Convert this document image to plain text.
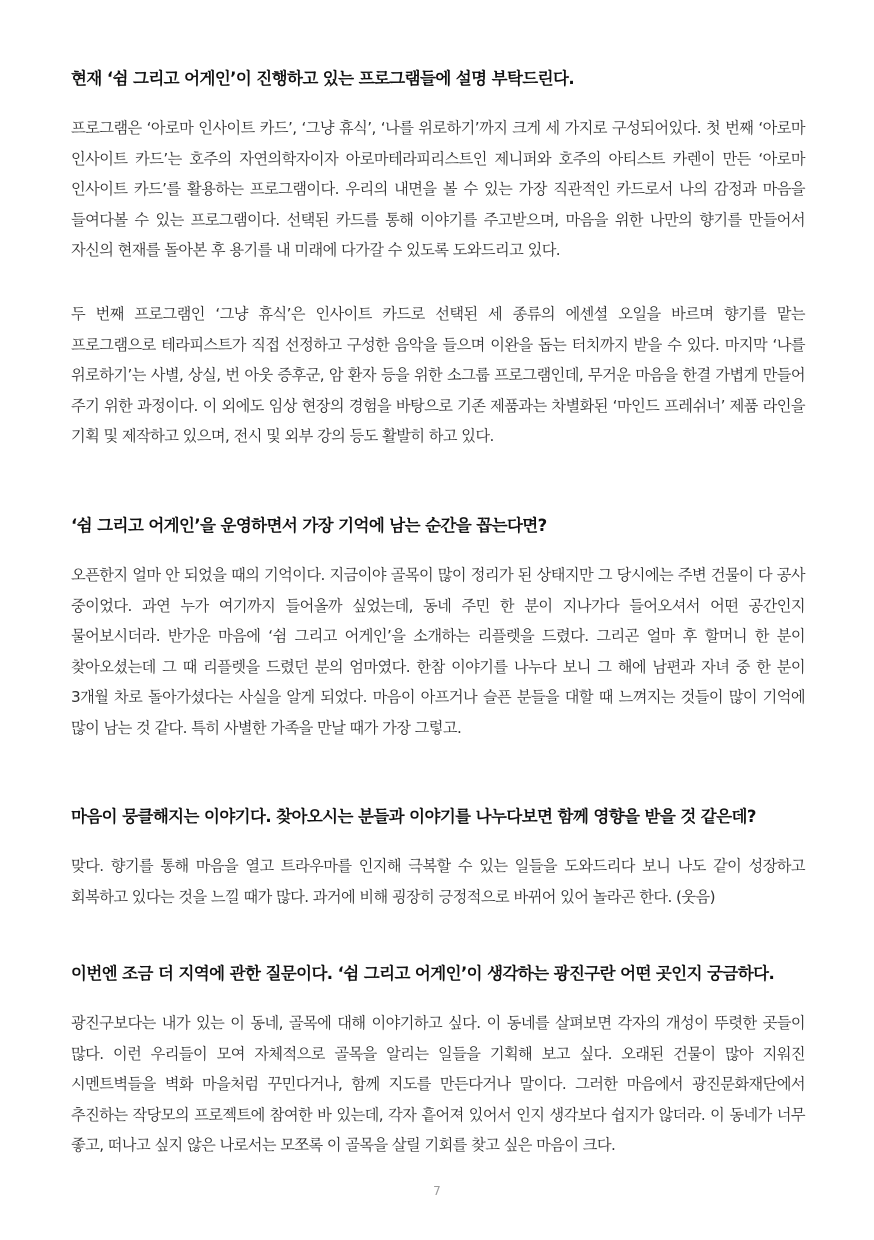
현재 ‘쉼 그리고 어게인’이 진행하고 있는 프로그램들에 설명 부탁드린다.

프로그램은 ‘아로마 인사이트 카드’, ‘그냥 휴식’, ‘나를 위로하기’까지 크게 세 가지로 구성되어있다. 첫 번째 ‘아로마 인사이트 카드’는 호주의 자연의학자이자 아로마테라피리스트인 제니퍼와 호주의 아티스트 카렌이 만든 ‘아로마 인사이트 카드’를 활용하는 프로그램이다. 우리의 내면을 볼 수 있는 가장 직관적인 카드로서 나의 감정과 마음을 들여다볼 수 있는 프로그램이다. 선택된 카드를 통해 이야기를 주고받으며, 마음을 위한 나만의 향기를 만들어서 자신의 현재를 돌아본 후 용기를 내 미래에 다가갈 수 있도록 도와드리고 있다.

두 번째 프로그램인 ‘그냥 휴식’은 인사이트 카드로 선택된 세 종류의 에센셜 오일을 바르며 향기를 맡는 프로그램으로 테라피스트가 직접 선정하고 구성한 음악을 들으며 이완을 돕는 터치까지 받을 수 있다. 마지막 ‘나를 위로하기’는 사별, 상실, 번 아웃 증후군, 암 환자 등을 위한 소그룹 프로그램인데, 무거운 마음을 한결 가볍게 만들어 주기 위한 과정이다. 이 외에도 임상 현장의 경험을 바탕으로 기존 제품과는 차별화된 ‘마인드 프레쉬너’ 제품 라인을 기획 및 제작하고 있으며, 전시 및 외부 강의 등도 활발히 하고 있다.

‘쉼 그리고 어게인’을 운영하면서 가장 기억에 남는 순간을 꼽는다면?

오픈한지 얼마 안 되었을 때의 기억이다. 지금이야 골목이 많이 정리가 된 상태지만 그 당시에는 주변 건물이 다 공사 중이었다. 과연 누가 여기까지 들어올까 싶었는데, 동네 주민 한 분이 지나가다 들어오셔서 어떤 공간인지 물어보시더라. 반가운 마음에 ‘쉼 그리고 어게인’을 소개하는 리플렛을 드렸다. 그리곤 얼마 후 할머니 한 분이 찾아오셨는데 그 때 리플렛을 드렸던 분의 엄마였다. 한참 이야기를 나누다 보니 그 해에 남편과 자녀 중 한 분이 3개월 차로 돌아가셨다는 사실을 알게 되었다. 마음이 아프거나 슬픈 분들을 대할 때 느껴지는 것들이 많이 기억에 많이 남는 것 같다. 특히 사별한 가족을 만날 때가 가장 그렇고.

마음이 뭉클해지는 이야기다. 찾아오시는 분들과 이야기를 나누다보면 함께 영향을 받을 것 같은데?

맞다. 향기를 통해 마음을 열고 트라우마를 인지해 극복할 수 있는 일들을 도와드리다 보니 나도 같이 성장하고 회복하고 있다는 것을 느낄 때가 많다. 과거에 비해 굉장히 긍정적으로 바뀌어 있어 놀라곤 한다. (웃음)

이번엔 조금 더 지역에 관한 질문이다. ‘쉼 그리고 어게인’이 생각하는 광진구란 어떤 곳인지 궁금하다.

광진구보다는 내가 있는 이 동네, 골목에 대해 이야기하고 싶다. 이 동네를 살펴보면 각자의 개성이 뚜렷한 곳들이 많다. 이런 우리들이 모여 자체적으로 골목을 알리는 일들을 기획해 보고 싶다. 오래된 건물이 많아 지워진 시멘트벽들을 벽화 마을처럼 꾸민다거나, 함께 지도를 만든다거나 말이다. 그러한 마음에서 광진문화재단에서 추진하는 작당모의 프로젝트에 참여한 바 있는데, 각자 흩어져 있어서 인지 생각보다 쉽지가 않더라. 이 동네가 너무 좋고, 떠나고 싶지 않은 나로서는 모쪼록 이 골목을 살릴 기회를 찾고 싶은 마음이 크다.

7
